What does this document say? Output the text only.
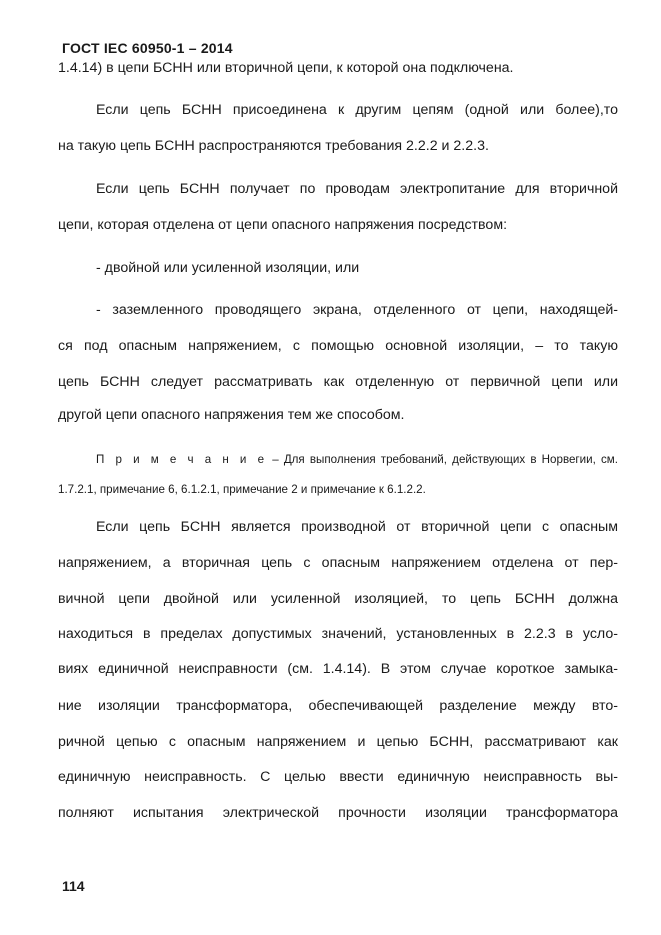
ГОСТ IEC 60950-1 – 2014
1.4.14) в цепи БСНН или вторичной цепи, к которой она подключена.
Если цепь БСНН присоединена к другим цепям (одной или более),то
на такую цепь БСНН распространяются требования 2.2.2 и 2.2.3.
Если цепь БСНН получает по проводам электропитание для вторичной
цепи, которая отделена от цепи опасного напряжения посредством:
- двойной или усиленной изоляции, или
- заземленного проводящего экрана, отделенного от цепи, находящей-
ся под опасным напряжением, с помощью основной изоляции, – то такую
цепь БСНН следует рассматривать как отделенную от первичной цепи или
другой цепи опасного напряжения тем же способом.
П р и м е ч а н и е – Для выполнения требований, действующих в Норвегии, см.
1.7.2.1, примечание 6, 6.1.2.1, примечание 2 и примечание к 6.1.2.2.
Если цепь БСНН является производной от вторичной цепи с опасным
напряжением, а вторичная цепь с опасным напряжением отделена от пер-
вичной цепи двойной или усиленной изоляцией, то цепь БСНН должна
находиться в пределах допустимых значений, установленных в 2.2.3 в усло-
виях единичной неисправности (см. 1.4.14). В этом случае короткое замыка-
ние изоляции трансформатора, обеспечивающей разделение между вто-
ричной цепью с опасным напряжением и цепью БСНН, рассматривают как
единичную неисправность. С целью ввести единичную неисправность вы-
полняют испытания электрической прочности изоляции трансформатора
114
